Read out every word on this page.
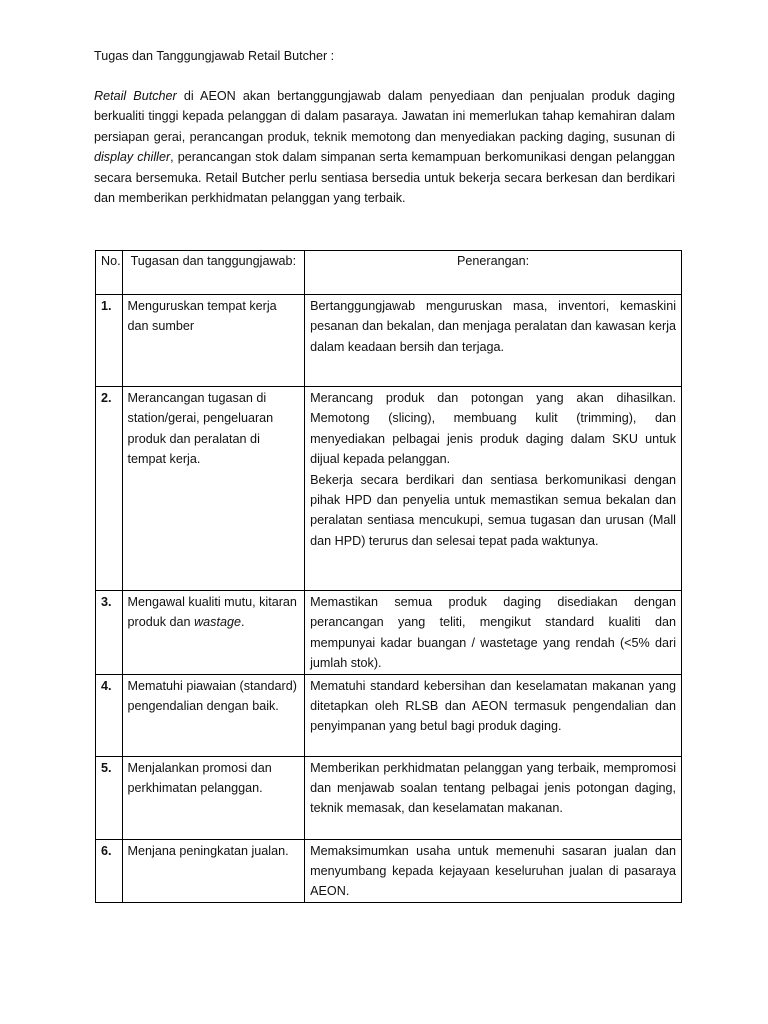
Tugas dan Tanggungjawab Retail Butcher :
Retail Butcher di AEON akan bertanggungjawab dalam penyediaan dan penjualan produk daging berkualiti tinggi kepada pelanggan di dalam pasaraya. Jawatan ini memerlukan tahap kemahiran dalam persiapan gerai, perancangan produk, teknik memotong dan menyediakan packing daging, susunan di display chiller, perancangan stok dalam simpanan serta kemampuan berkomunikasi dengan pelanggan secara bersemuka. Retail Butcher perlu sentiasa bersedia untuk bekerja secara berkesan dan berdikari dan memberikan perkhidmatan pelanggan yang terbaik.
No.	Tugasan dan tanggungjawab:	Penerangan:
1.	Menguruskan tempat kerja dan sumber	Bertanggungjawab menguruskan masa, inventori, kemaskini pesanan dan bekalan, dan menjaga peralatan dan kawasan kerja dalam keadaan bersih dan terjaga.
2.	Merancangan tugasan di station/gerai, pengeluaran produk dan peralatan di tempat kerja.	Merancang produk dan potongan yang akan dihasilkan. Memotong (slicing), membuang kulit (trimming), dan menyediakan pelbagai jenis produk daging dalam SKU untuk dijual kepada pelanggan.
Bekerja secara berdikari dan sentiasa berkomunikasi dengan pihak HPD dan penyelia untuk memastikan semua bekalan dan peralatan sentiasa mencukupi, semua tugasan dan urusan (Mall dan HPD) terurus dan selesai tepat pada waktunya.

3.	Mengawal kualiti mutu, kitaran produk dan wastage.	Memastikan semua produk daging disediakan dengan perancangan yang teliti, mengikut standard kualiti dan mempunyai kadar buangan / wastetage yang rendah (<5% dari jumlah stok).
4.	Mematuhi piawaian (standard) pengendalian dengan baik.	Mematuhi standard kebersihan dan keselamatan makanan yang ditetapkan oleh RLSB dan AEON termasuk pengendalian dan penyimpanan yang betul bagi produk daging.
5.	Menjalankan promosi dan perkhimatan pelanggan.	Memberikan perkhidmatan pelanggan yang terbaik, mempromosi dan menjawab soalan tentang pelbagai jenis potongan daging, teknik memasak, dan keselamatan makanan.
6.	Menjana peningkatan jualan.	Memaksimumkan usaha untuk memenuhi sasaran jualan dan menyumbang kepada kejayaan keseluruhan jualan di pasaraya AEON.
